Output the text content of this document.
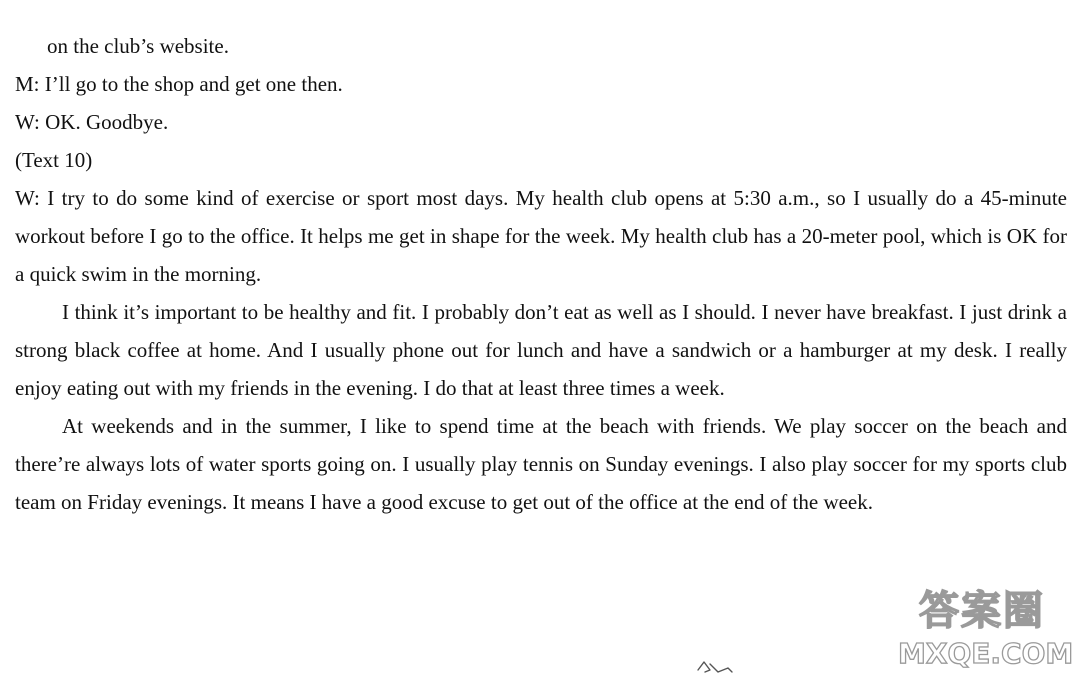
on the club’s website.

M: I’ll go to the shop and get one then.

W: OK. Goodbye.

(Text 10)

W: I try to do some kind of exercise or sport most days. My health club opens at 5:30 a.m., so I usually do a 45-minute workout before I go to the office. It helps me get in shape for the week. My health club has a 20-meter pool, which is OK for a quick swim in the morning.

I think it’s important to be healthy and fit. I probably don’t eat as well as I should. I never have breakfast. I just drink a strong black coffee at home. And I usually phone out for lunch and have a sandwich or a hamburger at my desk. I really enjoy eating out with my friends in the evening. I do that at least three times a week.

At weekends and in the summer, I like to spend time at the beach with friends. We play soccer on the beach and there’re always lots of water sports going on. I usually play tennis on Sunday evenings. I also play soccer for my sports club team on Friday evenings. It means I have a good excuse to get out of the office at the end of the week.

答案圈
MXQE.COM
